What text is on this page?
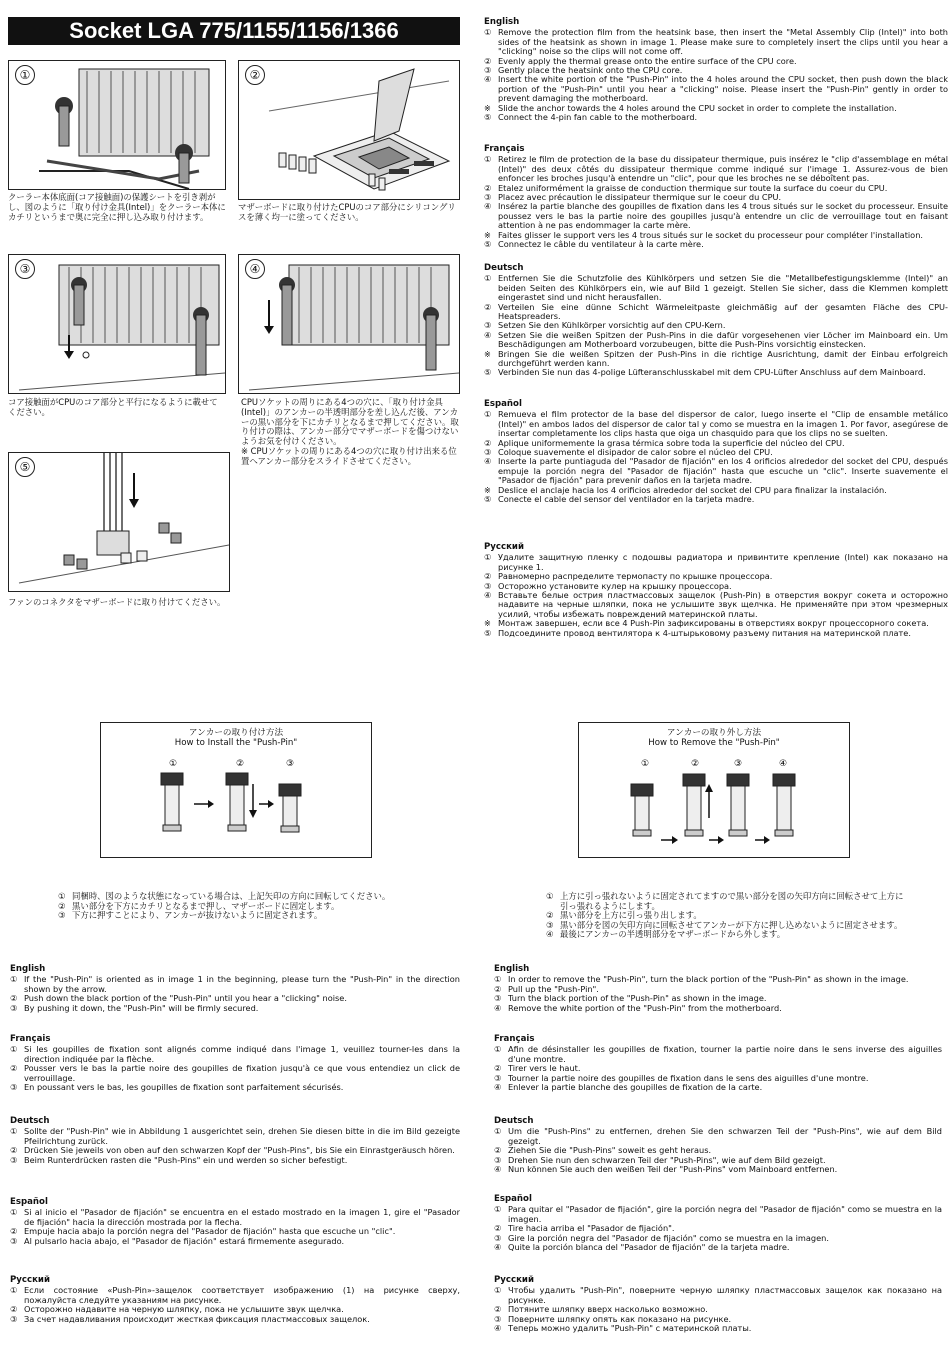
Socket LGA 775/1155/1156/1366
①
クーラー本体底面(コア接触面)の保護シートを引き剥がし、図のように「取り付け金具(Intel)」をクーラー本体にカチリというまで奥に完全に押し込み取り付けます。
②
マザーボードに取り付けたCPUのコア部分にシリコングリスを薄く均一に塗ってください。
③
コア接触面がCPUのコア部分と平行になるように載せてください。
④
CPUソケットの周りにある4つの穴に、「取り付け金具(Intel)」のアンカーの半透明部分を差し込んだ後、アンカーの黒い部分を下にカチリとなるまで押してください。取り付けの際は、アンカー部分でマザーボードを傷つけないようお気を付けください。
※ CPUソケットの周りにある4つの穴に取り付け出来る位置へアンカー部分をスライドさせてください。
⑤
ファンのコネクタをマザーボードに取り付けてください。
English
① Remove the protection film from the heatsink base, then insert the "Metal Assembly Clip (Intel)" into both sides of the heatsink as shown in image 1. Please make sure to completely insert the clips until you hear a "clicking" noise so the clips will not come off.
② Evenly apply the thermal grease onto the entire surface of the CPU core.
③ Gently place the heatsink onto the CPU core.
④ Insert the white portion of the "Push-Pin" into the 4 holes around the CPU socket, then push down the black portion of the "Push-Pin" until you hear a "clicking" noise. Please insert the "Push-Pin" gently in order to prevent damaging the motherboard.
※ Slide the anchor towards the 4 holes around the CPU socket in order to complete the installation.
⑤ Connect the 4-pin fan cable to the motherboard.
Français
① Retirez le film de protection de la base du dissipateur thermique, puis insérez le "clip d'assemblage en métal (Intel)" des deux côtés du dissipateur thermique comme indiqué sur l'image 1. Assurez-vous de bien enfoncer les broches jusqu'à entendre un "clic", pour que les broches ne se déboîtent pas.
② Etalez uniformément la graisse de conduction thermique sur toute la surface du coeur du CPU.
③ Placez avec précaution le dissipateur thermique sur le coeur du CPU.
④ Insérez la partie blanche des goupilles de fixation dans les 4 trous situés sur le socket du processeur. Ensuite poussez vers le bas la partie noire des goupilles jusqu'à entendre un clic de verrouillage tout en faisant attention à ne pas endommager la carte mère.
※ Faites glisser le support vers les 4 trous situés sur le socket du processeur pour compléter l'installation.
⑤ Connectez le câble du ventilateur à la carte mère.
Deutsch
① Entfernen Sie die Schutzfolie des Kühlkörpers und setzen Sie die "Metallbefestigungsklemme (Intel)" an beiden Seiten des Kühlkörpers ein, wie auf Bild 1 gezeigt. Stellen Sie sicher, dass die Klemmen komplett eingerastet sind und nicht herausfallen.
② Verteilen Sie eine dünne Schicht Wärmeleitpaste gleichmäßig auf der gesamten Fläche des CPU-Heatspreaders.
③ Setzen Sie den Kühlkörper vorsichtig auf den CPU-Kern.
④ Setzen Sie die weißen Spitzen der Push-Pins in die dafür vorgesehenen vier Löcher im Mainboard ein. Um Beschädigungen am Motherboard vorzubeugen, bitte die Push-Pins vorsichtig einstecken.
※ Bringen Sie die weißen Spitzen der Push-Pins in die richtige Ausrichtung, damit der Einbau erfolgreich durchgeführt werden kann.
⑤ Verbinden Sie nun das 4-polige Lüfteranschlusskabel mit dem CPU-Lüfter Anschluss auf dem Mainboard.
Español
① Remueva el film protector de la base del dispersor de calor, luego inserte el "Clip de ensamble metálico (Intel)" en ambos lados del dispersor de calor tal y como se muestra en la imagen 1. Por favor, asegúrese de insertar completamente los clips hasta que oiga un chasquido para que los clips no se suelten.
② Aplique uniformemente la grasa térmica sobre toda la superficie del núcleo del CPU.
③ Coloque suavemente el disipador de calor sobre el núcleo del CPU.
④ Inserte la parte puntiaguda del "Pasador de fijación" en los 4 orificios alrededor del socket del CPU, después empuje la porción negra del "Pasador de fijación" hasta que escuche un "clic". Inserte suavemente el "Pasador de fijación" para prevenir daños en la tarjeta madre.
※ Deslice el anclaje hacia los 4 orificios alrededor del socket del CPU para finalizar la instalación.
⑤ Conecte el cable del sensor del ventilador en la tarjeta madre.
Русский
① Удалите защитную пленку с подошвы радиатора и привинтите крепление (Intel) как показано на рисунке 1.
② Равномерно распределите термопасту по крышке процессора.
③ Осторожно установите кулер на крышку процессора.
④ Вставьте белые острия пластмассовых защелок (Push-Pin) в отверстия вокруг сокета и осторожно надавите на черные шляпки, пока не услышите звук щелчка. Не применяйте при этом чрезмерных усилий, чтобы избежать повреждений материнской платы.
※ Монтаж завершен, если все 4 Push-Pin зафиксированы в отверстиях вокруг процессорного сокета.
⑤ Подсоедините провод вентилятора к 4-штырьковому разъему питания на материнской плате.
アンカーの取り付け方法
How to Install the "Push-Pin"
①	②	③
アンカーの取り外し方法
How to Remove the "Push-Pin"
①	②	③	④
① 同梱時、図のような状態になっている場合は、上記矢印の方向に回転してください。
② 黒い部分を下方にカチリとなるまで押し、マザーボードに固定します。
③ 下方に押すことにより、アンカーが抜けないように固定されます。
① 上方に引っ張れないように固定されてますので黒い部分を図の矢印方向に回転させて上方に引っ張れるようにします。
② 黒い部分を上方に引っ張り出します。
③ 黒い部分を図の矢印方向に回転させてアンカーが下方に押し込めないように固定させます。
④ 最後にアンカーの半透明部分をマザーボードから外します。
English
① If the "Push-Pin" is oriented as in image 1 in the beginning, please turn the "Push-Pin" in the direction shown by the arrow.
② Push down the black portion of the "Push-Pin" until you hear a "clicking" noise.
③ By pushing it down, the "Push-Pin" will be firmly secured.
Français
① Si les goupilles de fixation sont alignés comme indiqué dans l'image 1, veuillez tourner-les dans la direction indiquée par la flèche.
② Pousser vers le bas la partie noire des goupilles de fixation jusqu'à ce que vous entendiez un click de verrouillage.
③ En poussant vers le bas, les goupilles de fixation sont parfaitement sécurisés.
Deutsch
① Sollte der "Push-Pin" wie in Abbildung 1 ausgerichtet sein, drehen Sie diesen bitte in die im Bild gezeigte Pfeilrichtung zurück.
② Drücken Sie jeweils von oben auf den schwarzen Kopf der "Push-Pins", bis Sie ein Einrastgeräusch hören.
③ Beim Runterdrücken rasten die "Push-Pins" ein und werden so sicher befestigt.
Español
① Si al inicio el "Pasador de fijación" se encuentra en el estado mostrado en la imagen 1, gire el "Pasador de fijación" hacia la dirección mostrada por la flecha.
② Empuje hacia abajo la porción negra del "Pasador de fijación" hasta que escuche un "clic".
③ Al pulsarlo hacia abajo, el "Pasador de fijación" estará firmemente asegurado.
Русский
① Если состояние «Push-Pin»-защелок соответствует изображению (1) на рисунке сверху, пожалуйста следуйте указаниям на рисунке.
② Осторожно надавите на черную шляпку, пока не услышите звук щелчка.
③ За счет надавливания происходит жесткая фиксация пластмассовых защелок.
English
① In order to remove the "Push-Pin", turn the black portion of the "Push-Pin" as shown in the image.
② Pull up the "Push-Pin".
③ Turn the black portion of the "Push-Pin" as shown in the image.
④ Remove the white portion of the "Push-Pin" from the motherboard.
Français
① Afin de désinstaller les goupilles de fixation, tourner la partie noire dans le sens inverse des aiguilles d'une montre.
② Tirer vers le haut.
③ Tourner la partie noire des goupilles de fixation dans le sens des aiguilles d'une montre.
④ Enlever la partie blanche des goupilles de fixation de la carte.
Deutsch
① Um die "Push-Pins" zu entfernen, drehen Sie den schwarzen Teil der "Push-Pins", wie auf dem Bild gezeigt.
② Ziehen Sie die "Push-Pins" soweit es geht heraus.
③ Drehen Sie nun den schwarzen Teil der "Push-Pins", wie auf dem Bild gezeigt.
④ Nun können Sie auch den weißen Teil der "Push-Pins" vom Mainboard entfernen.
Español
① Para quitar el "Pasador de fijación", gire la porción negra del "Pasador de fijación" como se muestra en la imagen.
② Tire hacia arriba el "Pasador de fijación".
③ Gire la porción negra del "Pasador de fijación" como se muestra en la imagen.
④ Quite la porción blanca del "Pasador de fijación" de la tarjeta madre.
Русский
① Чтобы удалить "Push-Pin", поверните черную шляпку пластмассовых защелок как показано на рисунке.
② Потяните шляпку вверх насколько возможно.
③ Поверните шляпку опять как показано на рисунке.
④ Теперь можно удалить "Push-Pin" с материнской платы.
